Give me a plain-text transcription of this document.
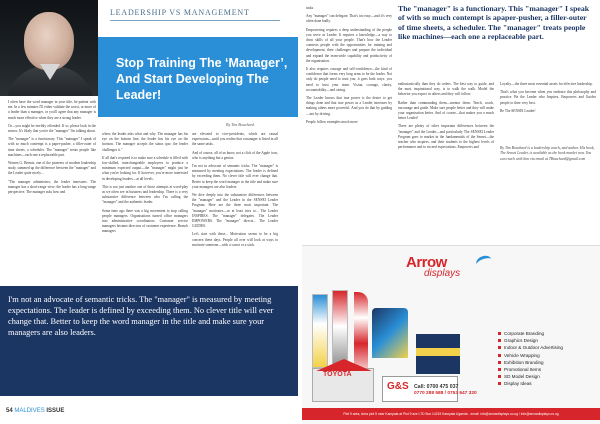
LEADERSHIP VS MANAGEMENT
Stop Training The ‘Manager’, And Start Developing The Leader!
By Tim Bouchard

I often have the word manager in your title, be patient with me. In a few minutes I'll either validate the worst, or more of a leader than a manager, or you'll agree that any manager is much more effective when they are a strong leader.

Or—you might be terribly offended. If so, please look in the mirror. It's likely that you're the "manager" I'm talking about.

The "manager" is a functionary. This "manager" I speak of with so much contempt is a paper-pusher, a filler-outer of time sheets, a scheduler. The "manager" treats people like machines—each one a replaceable part.

Warren G. Bennis, one of the pioneers of modern leadership study, summed up the difference between the "manager" and the Leader quite nicely...

"The manager administers; the leader innovates. The manager has a short-range view; the leader has a long-range perspective. The manager asks how and

when; the leader asks what and why. The manager has his eye on the bottom line; the leader has his eye on the horizon. The manager accepts the status quo; the leader challenges it."

If all that's required is to make sure a schedule is filled with low-skilled, interchangeable employees to produce a minimum expected output—the "manager" might just be what you're looking for. If however, you're more interested in developing leaders—at all levels.

This is not just another one of those attempts at word-play as we often see in business and leadership. There is a very substantive difference between who I'm calling the "manager" and the authentic leader.

Some time ago there was a big movement to stop calling people managers. Organisations turned office managers into administrative coordinators. Customer service managers became directors of customer experience. Branch managers

are elevated to vice-presidents, which are causal expressions—until you realise that a manager is listed in all the same tasks.

And of course, all of us know, not a click of the Apple icon, who is anything but a genius.

I'm not in advocate of semantic tricks. The "manager" is measured by meeting expectations. The leader is defined by exceeding them. No clever title will ever change that. Better to keep the word manager in the title and make sure your managers are also leaders.

We dive deeply into the substantive differences between the "manager" and the Leader in the SENSEI Leader Program. Here are the three most important. The "manager" motivates—or at least tries to... The Leader INSPIRES. The "manager" delegates. The Leader EMPOWERS. The "manager" directs... The Leader GUIDES.

Let's start with these... Motivation seems to be a big concern these days. People all over will look at ways to motivate someone—with a carrot or a stick.

I'm not an advocate of semantic tricks. The "manager" is measured by meeting expectations. The leader is defined by exceeding them. No clever title will ever change that. Better to keep the word manager in the title and make sure your managers are also leaders.
54 MALDIVES ISSUE

tasks.

Any "manager" can delegate. That's too easy—and it's very often done badly.

Empowering requires a deep understanding of the people you serve as Leader. It requires a knowledge—a way to draw skills of all your people. That's how the Leader connects people with the opportunities for training and development, their challenges and prepare the individual and expand the team-wide capability and productivity of the organisation.

It also requires courage and self-confidence—the kind of confidence that forms very long arms to be the leader. Not only do people need to trust you, it goes both ways: you need to trust your team. Vision, courage, clarity, accountability—and caring.

The Leader knows that true power is the desire to get things done and that true power as a Leader increases by making others more powerful. And you do that by guiding—not by driving.

People follow examples much more

The "manager" is a functionary. This "manager" I speak of with so much contempt is apaper-pusher, a filler-outer of time sheets, a scheduler. The "manager" treats people like machines—each one a replaceable part.

enthusiastically than they do orders. The best way to guide, and the most inspirational way, is to walk the walk. Model the behavior you expect in others and they will follow.

Rather than commanding them—mentor them. Teach, coach, encourage and guide. Make sure people better and they will make your organisation better. And of course—that makes you a much better Leader!

There are plenty of other important differences between the "manager" and the Leader—and particularly The SENSEI Leader Program goes to market in the fundamentals of the Sensei—the teacher who inspires, and their students to the highest levels of performance and to exceed expectations. Empowers and

Loyalty—the three most essential assets for effective leadership.

That's what you become when you embrace this philosophy and practice. Be the Leader who Inspires, Empowers and Guides people to their very best.

Be The SENSEI Leader!

By Tim Bouchard is a leadership coach, and author. His book, The Sensei Leader, is available as the book market now. You can reach with him via email at TBouchard@gmail.com
Arrow
displays
TOYOTA
G&S Call: 0700 475 037
0770 288 588 / 0753 647 320
Corporate Branding
Graphics Design
Indoor & Outdoor Advertising
Vehicle Wrapping
Exhibition Branding
Promotional Items
SD Model Design
Display Ideas
Plot 9 area, Area plot 5 near Kampala at Plot 9 ave LTD Box 14219 Kampala Uganda - email: info@arrowdisplays.co.ug / info@arrowdisplays.co.ug
